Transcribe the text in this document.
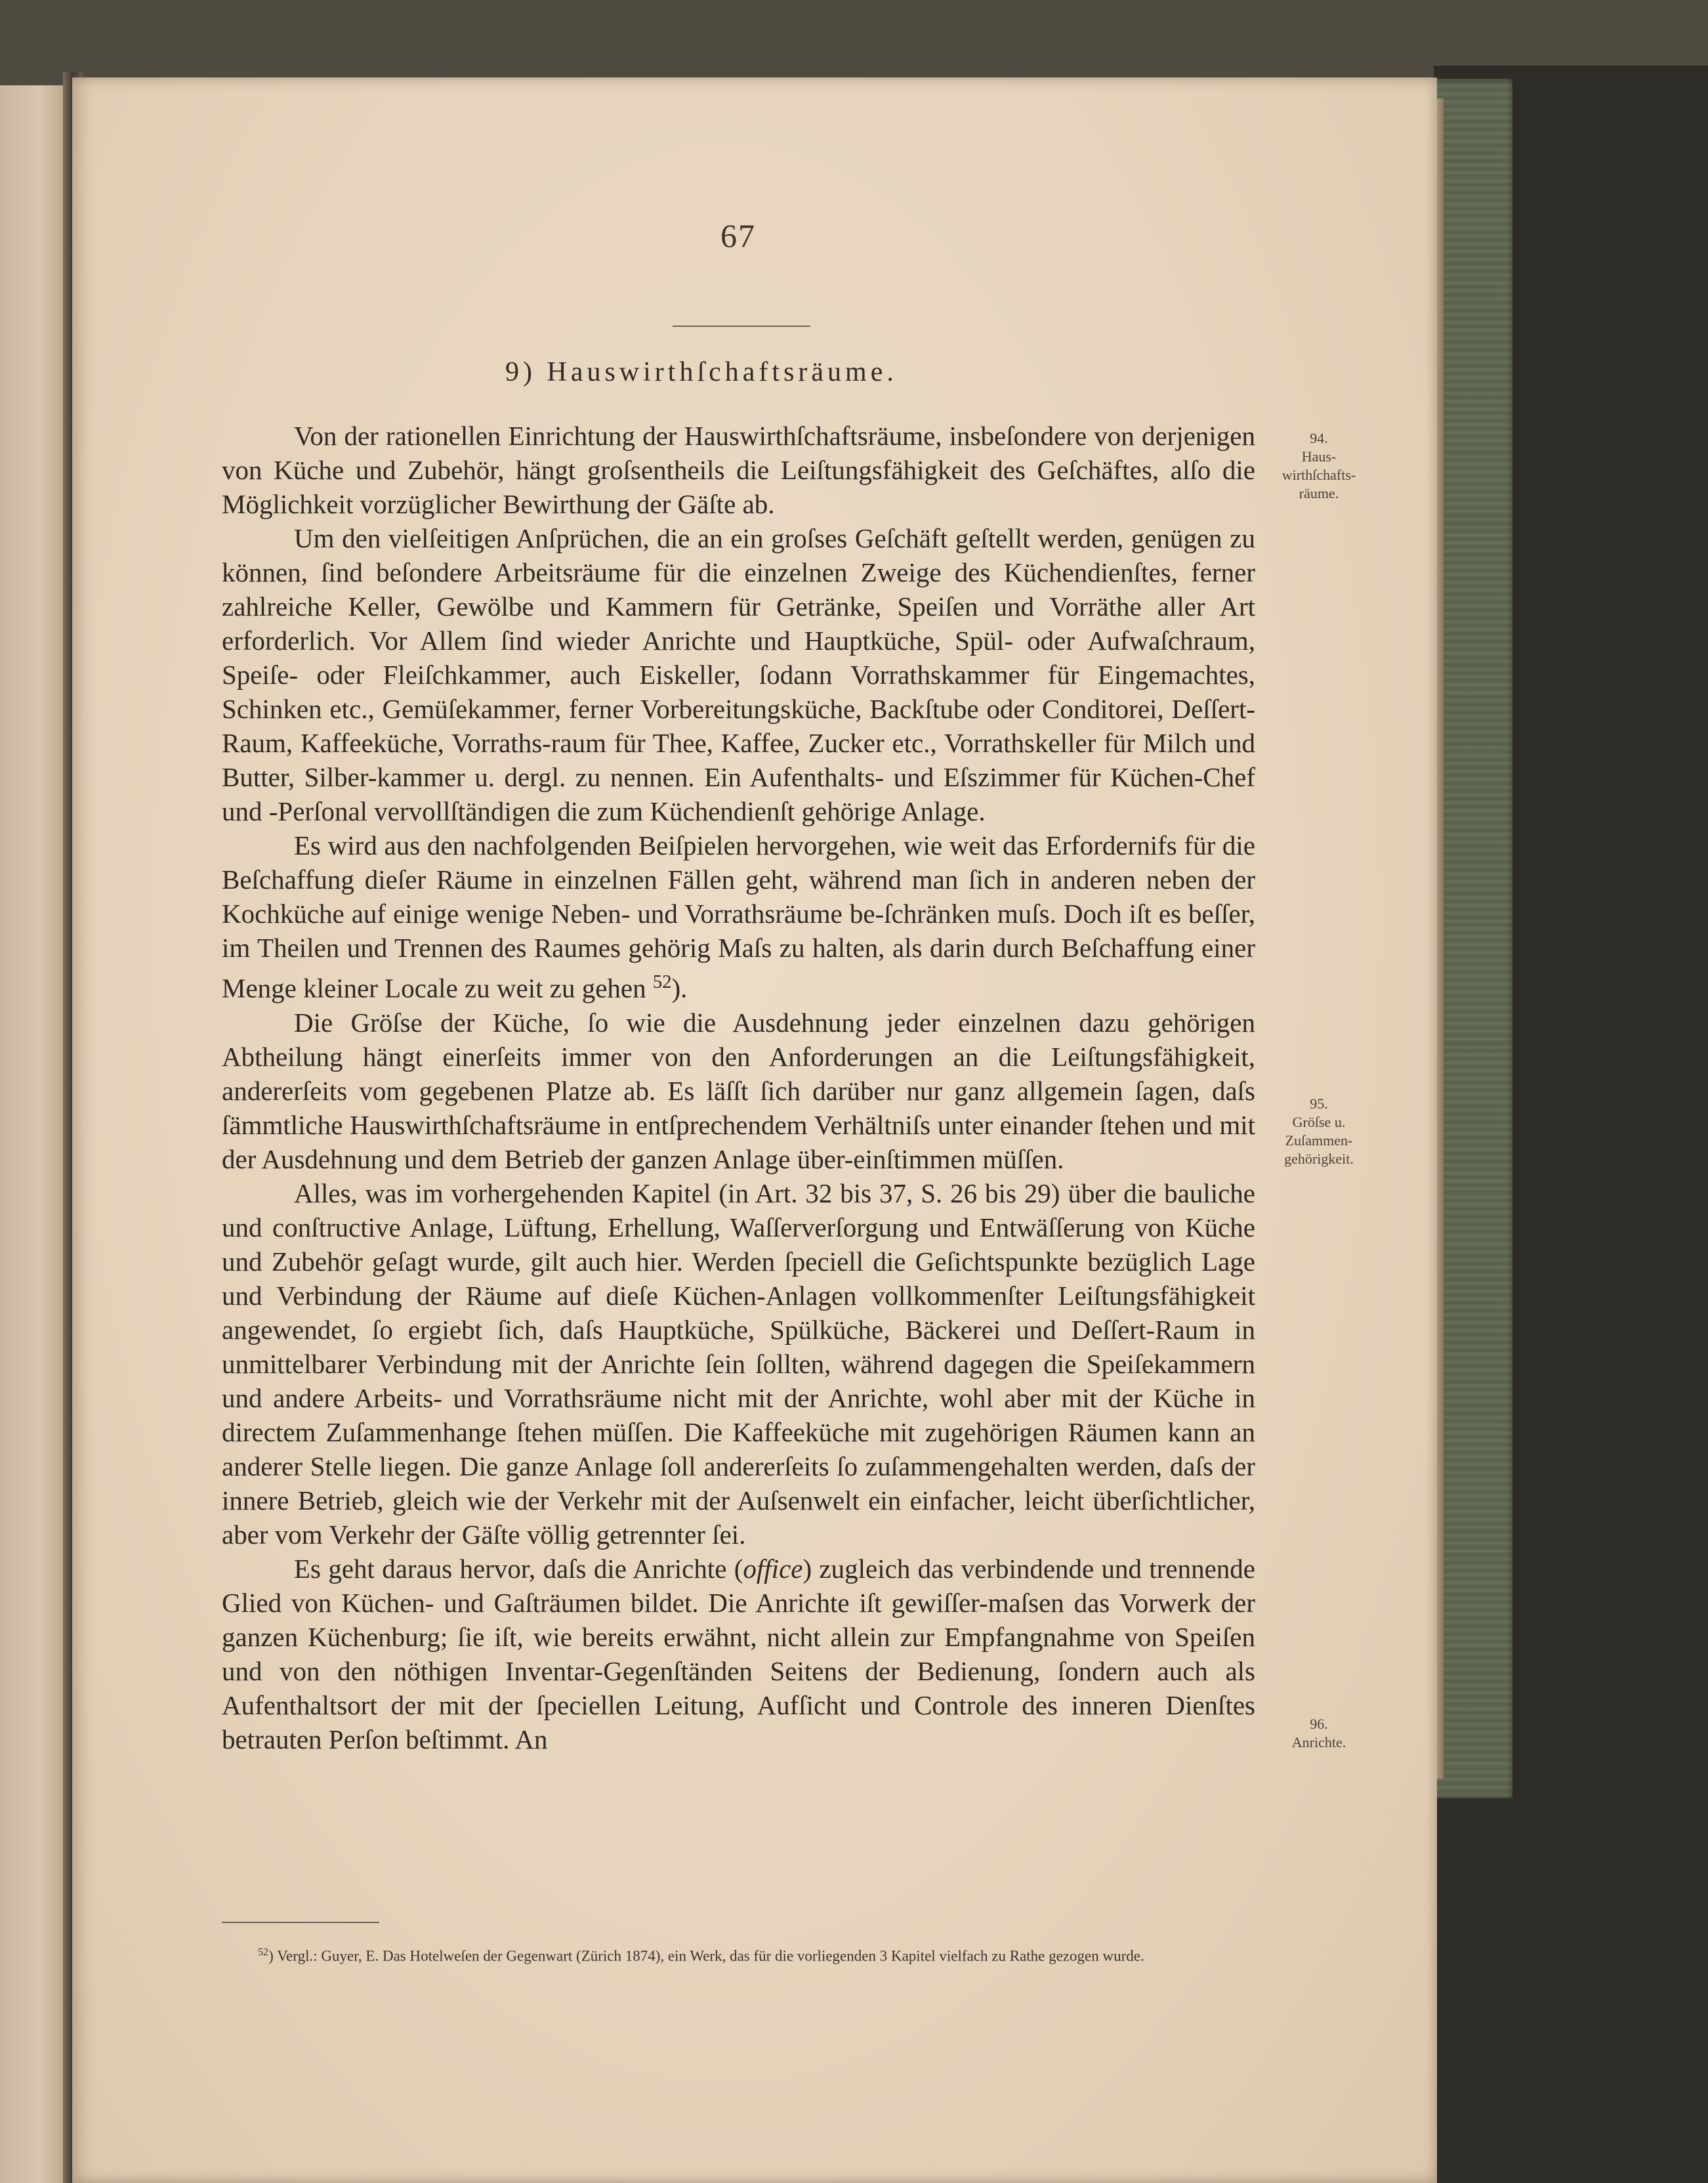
67
9) Hauswirthſchaftsräume.

Von der rationellen Einrichtung der Hauswirthſchaftsräume, insbeſondere von derjenigen von Küche und Zubehör, hängt groſsentheils die Leiſtungsfähigkeit des Geſchäftes, alſo die Möglichkeit vorzüglicher Bewirthung der Gäſte ab.

Um den vielſeitigen Anſprüchen, die an ein groſses Geſchäft geſtellt werden, genügen zu können, ſind beſondere Arbeitsräume für die einzelnen Zweige des Küchendienſtes, ferner zahlreiche Keller, Gewölbe und Kammern für Getränke, Speiſen und Vorräthe aller Art erforderlich. Vor Allem ſind wieder Anrichte und Hauptküche, Spül- oder Aufwaſchraum, Speiſe- oder Fleiſchkammer, auch Eiskeller, ſodann Vorrathskammer für Eingemachtes, Schinken etc., Gemüſekammer, ferner Vorbereitungsküche, Backſtube oder Conditorei, Deſſert-Raum, Kaffeeküche, Vorraths-raum für Thee, Kaffee, Zucker etc., Vorrathskeller für Milch und Butter, Silber-kammer u. dergl. zu nennen. Ein Aufenthalts- und Eſszimmer für Küchen-Chef und -Perſonal vervollſtändigen die zum Küchendienſt gehörige Anlage.

Es wird aus den nachfolgenden Beiſpielen hervorgehen, wie weit das Erfordernifs für die Beſchaffung dieſer Räume in einzelnen Fällen geht, während man ſich in anderen neben der Kochküche auf einige wenige Neben- und Vorrathsräume be-ſchränken muſs. Doch iſt es beſſer, im Theilen und Trennen des Raumes gehörig Maſs zu halten, als darin durch Beſchaffung einer Menge kleiner Locale zu weit zu gehen $^{52}$).

Die Gröſse der Küche, ſo wie die Ausdehnung jeder einzelnen dazu gehörigen Abtheilung hängt einerſeits immer von den Anforderungen an die Leiſtungsfähigkeit, andererſeits vom gegebenen Platze ab. Es läſſt ſich darüber nur ganz allgemein ſagen, daſs ſämmtliche Hauswirthſchaftsräume in entſprechendem Verhältniſs unter einander ſtehen und mit der Ausdehnung und dem Betrieb der ganzen Anlage über-einſtimmen müſſen.

Alles, was im vorhergehenden Kapitel (in Art. 32 bis 37, S. 26 bis 29) über die bauliche und conſtructive Anlage, Lüftung, Erhellung, Waſſerverſorgung und Entwäſſerung von Küche und Zubehör geſagt wurde, gilt auch hier. Werden ſpeciell die Geſichtspunkte bezüglich Lage und Verbindung der Räume auf dieſe Küchen-Anlagen vollkommenſter Leiſtungsfähigkeit angewendet, ſo ergiebt ſich, daſs Hauptküche, Spülküche, Bäckerei und Deſſert-Raum in unmittelbarer Verbindung mit der Anrichte ſein ſollten, während dagegen die Speiſekammern und andere Arbeits- und Vorrathsräume nicht mit der Anrichte, wohl aber mit der Küche in directem Zuſammenhange ſtehen müſſen. Die Kaffeeküche mit zugehörigen Räumen kann an anderer Stelle liegen. Die ganze Anlage ſoll andererſeits ſo zuſammengehalten werden, daſs der innere Betrieb, gleich wie der Verkehr mit der Auſsenwelt ein einfacher, leicht überſichtlicher, aber vom Verkehr der Gäſte völlig getrennter ſei.

Es geht daraus hervor, daſs die Anrichte (office) zugleich das verbindende und trennende Glied von Küchen- und Gaſträumen bildet. Die Anrichte iſt gewiſſer-maſsen das Vorwerk der ganzen Küchenburg; ſie iſt, wie bereits erwähnt, nicht allein zur Empfangnahme von Speiſen und von den nöthigen Inventar-Gegenſtänden Seitens der Bedienung, ſondern auch als Aufenthaltsort der mit der ſpeciellen Leitung, Aufſicht und Controle des inneren Dienſtes betrauten Perſon beſtimmt. An

94.
Haus-
wirthſchafts-
räume.
95.
Gröſse u.
Zuſammen-
gehörigkeit.
96.
Anrichte.
$^{52}$) Vergl.: Guyer, E. Das Hotelweſen der Gegenwart (Zürich 1874), ein Werk, das für die vorliegenden 3 Kapitel vielfach zu Rathe gezogen wurde.
